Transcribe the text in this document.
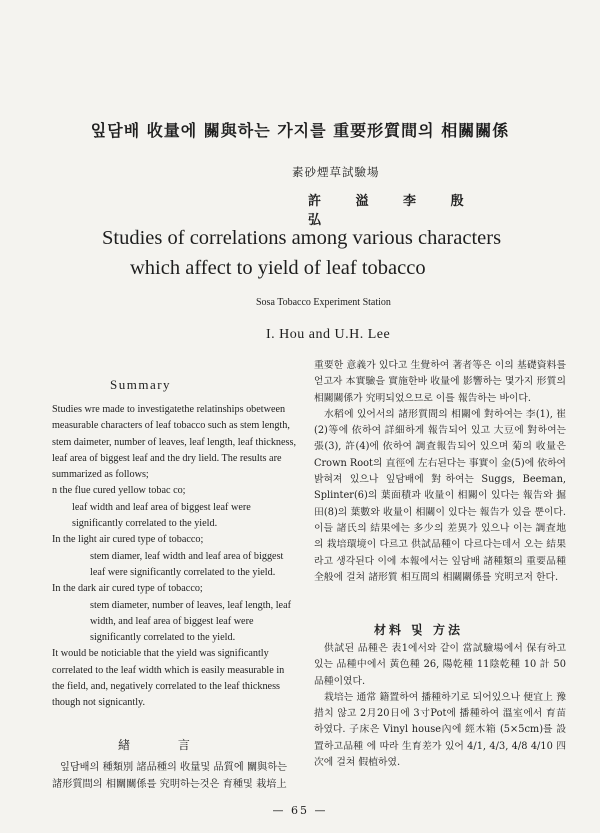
잎담배 收量에 關與하는 가지를 重要形質間의 相關關係
素砂煙草試驗場
許 溢 李 殷 弘
Studies of correlations among various characters
which affect to yield of leaf tobacco
Sosa Tobacco Experiment Station
I. Hou and U.H. Lee
Summary

Studies wre made to investigatethe relatinships obetween measurable characters of leaf tobacco such as stem length, stem daimeter, number of leaves, leaf length, leaf thickness, leaf area of biggest leaf and the dry lield. The results are summarized as follows;

n the flue cured yellow tobac co;

leaf width and leaf area of biggest leaf were significantly correlated to the yield.

In the light air cured type of tobacco;

stem diamer, leaf width and leaf area of biggest leaf were significantly correlated to the yield.

In the dark air cured type of tobacco;

stem diameter, number of leaves, leaf length, leaf width, and leaf area of biggest leaf were significantly correlated to the yield.

It would be noticiable that the yield was significantly correlated to the leaf width which is easily measurable in the field, and, negatively correlated to the leaf thickness though not signicantly.

緖 言

잎담배의 種類別 諸品種의 收量및 品質에 關與하는 諸形質間의 相關關係를 究明하는것은 育種및 栽培上

重要한 意義가 있다고 生覺하여 著者等은 이의 基礎資料를 얻고자 本實驗을 實施한바 收量에 影響하는 몇가지 形質의 相關關係가 究明되었으므로 이를 報告하는 바이다.

水稻에 있어서의 諸形質間의 相關에 對하여는 李(1), 崔(2)等에 依하여 詳細하게 報告되어 있고 大豆에 對하여는 張(3), 許(4)에 依하여 調査報告되어 있으며 菊의 收量은 Crown Root의 直徑에 左右된다는 事實이 金(5)에 依하여 밝혀져 있으나 잎담배에 對하여는 Suggs, Beeman, Splinter(6)의 葉面積과 收量이 相關이 있다는 報告와 掘田(8)의 葉數와 收量이 相關이 있다는 報告가 있을 뿐이다. 이들 諸氏의 結果에는 多少의 差異가 있으나 이는 調査地의 栽培環境이 다르고 供試品種이 다르다는데서 오는 結果라고 생각된다 이에 本報에서는 잎담배 諸種類의 重要品種 全般에 걸쳐 諸形質 相互間의 相關關係를 究明코저 한다.

材料 및 方法

供試된 品種은 表1에서와 같이 當試驗場에서 保有하고 있는 品種中에서 黃色種 26, 陽乾種 11陰乾種 10 計 50品種이였다.

栽培는 通常 籍置하여 播種하기로 되어있으나 便宜上 豫措치 않고 2月20日에 3寸Pot에 播種하여 溫室에서 育苗하였다. 子床은 Vinyl house內에 經木箱 (5×5cm)를 設置하고品種 에 따라 生育差가 있어 4/1, 4/3, 4/8 4/10 四次에 걸쳐 假植하였.

— 65 —
